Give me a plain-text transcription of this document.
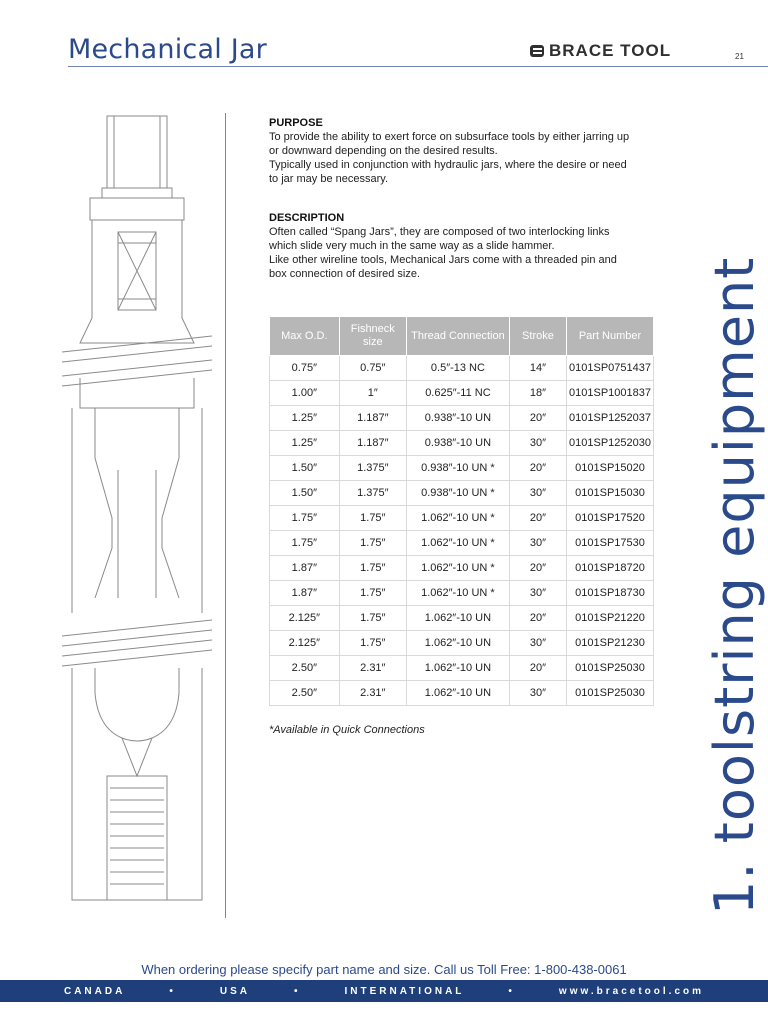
Mechanical Jar	BRACE TOOL	21
PURPOSE

To provide the ability to exert force on subsurface tools by either jarring up

or downward depending on the desired results.

Typically used in conjunction with hydraulic jars, where the desire or need

to jar may be necessary.

DESCRIPTION

Often called “Spang Jars”, they are composed of two interlocking links

which slide very much in the same way as a slide hammer.

Like other wireline tools, Mechanical Jars come with a threaded pin and

box connection of desired size.

Max O.D.	Fishneck size	Thread Connection	Stroke	Part Number
0.75″	0.75″	0.5″-13 NC	14″	0101SP0751437
1.00″	1″	0.625″-11 NC	18″	0101SP1001837
1.25″	1.187″	0.938″-10 UN	20″	0101SP1252037
1.25″	1.187″	0.938″-10 UN	30″	0101SP1252030
1.50″	1.375″	0.938″-10 UN *	20″	0101SP15020
1.50″	1.375″	0.938″-10 UN *	30″	0101SP15030
1.75″	1.75″	1.062″-10 UN *	20″	0101SP17520
1.75″	1.75″	1.062″-10 UN *	30″	0101SP17530
1.87″	1.75″	1.062″-10 UN *	20″	0101SP18720
1.87″	1.75″	1.062″-10 UN *	30″	0101SP18730
2.125″	1.75″	1.062″-10 UN	20″	0101SP21220
2.125″	1.75″	1.062″-10 UN	30″	0101SP21230
2.50″	2.31″	1.062″-10 UN	20″	0101SP25030
2.50″	2.31″	1.062″-10 UN	30″	0101SP25030
*Available in Quick Connections	1. toolstring equipment
When ordering please specify part name and size. Call us Toll Free: 1-800-438-0061
CANADA	•	USA	•	INTERNATIONAL	•	www.bracetool.com
